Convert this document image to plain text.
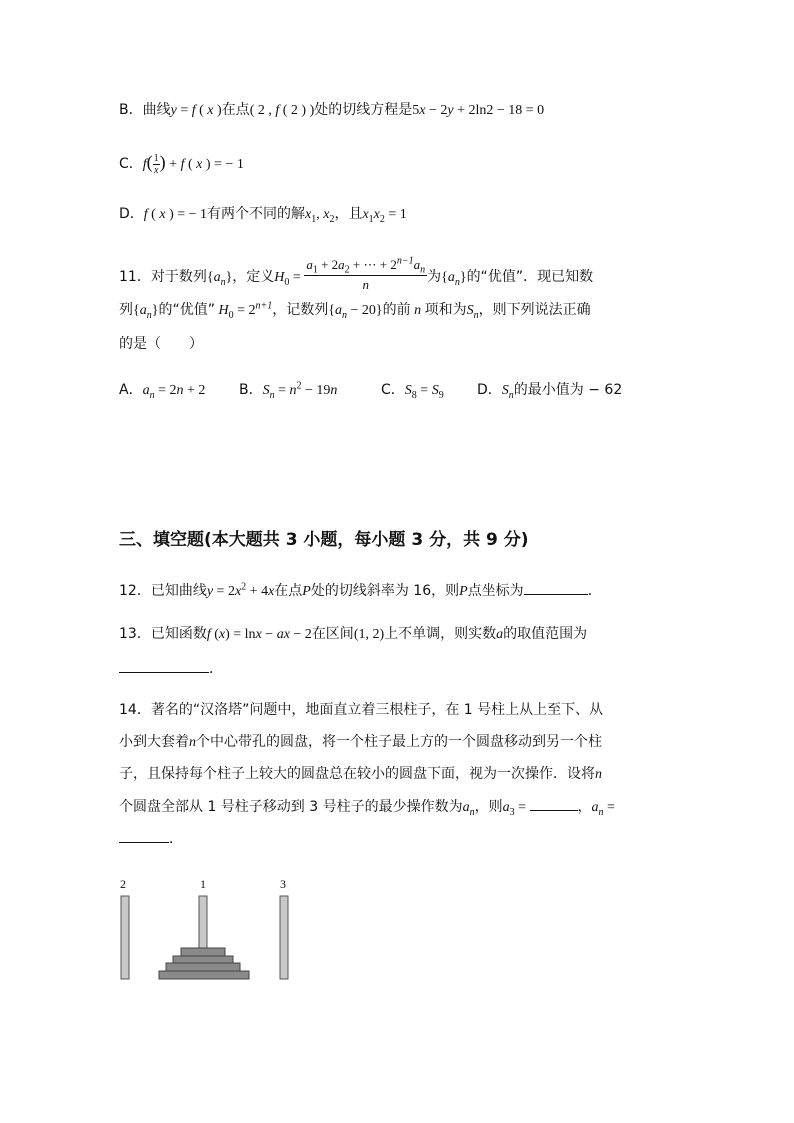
B．曲线y = f ( x )在点( 2 , f ( 2 ) )处的切线方程是5x − 2y + 2ln2 − 18 = 0
C．$f( \frac{1}{x}$ ) + f ( x ) = − 1
D．f ( x ) = − 1有两个不同的解$x_1$, $x_2$，且$x_1x_2 = 1$
11．对于数列$\{a_n\}$，定义$H_0 = \frac{a_1 + 2a_2 + \cdots + 2^{n-1}a_n}{n}$ 为$\{a_n\}$的“优值”．现已知数
列$\{a_n\}$的“优值” $H_0 = 2^{n+1}$，记数列$\{a_n - 20\}$的前 n 项和为$S_n$，则下列说法正确
的是（　　）
A．$a_n = 2n + 2$ B．$S_n = n^2 - 19n$	C．$S_8 = S_9$ D．$S_n$的最小值为 − 62
三、填空题(本大题共 3 小题，每小题 3 分，共 9 分)
12．已知曲线$y = 2x^2 + 4x$在点P处的切线斜率为 16，则P点坐标为	．
13．已知函数f (x) = lnx − ax − 2在区间(1, 2)上不单调，则实数a的取值范围为
．
14．著名的“汉洛塔”问题中，地面直立着三根柱子，在 1 号柱上从上至下、从
小到大套着n个中心带孔的圆盘，将一个柱子最上方的一个圆盘移动到另一个柱
子，且保持每个柱子上较大的圆盘总在较小的圆盘下面，视为一次操作．设将n
个圆盘全部从 1 号柱子移动到 3 号柱子的最少操作数为$a_n$，则$a_3$ =	，$a_n$ =
．
2	1	3
